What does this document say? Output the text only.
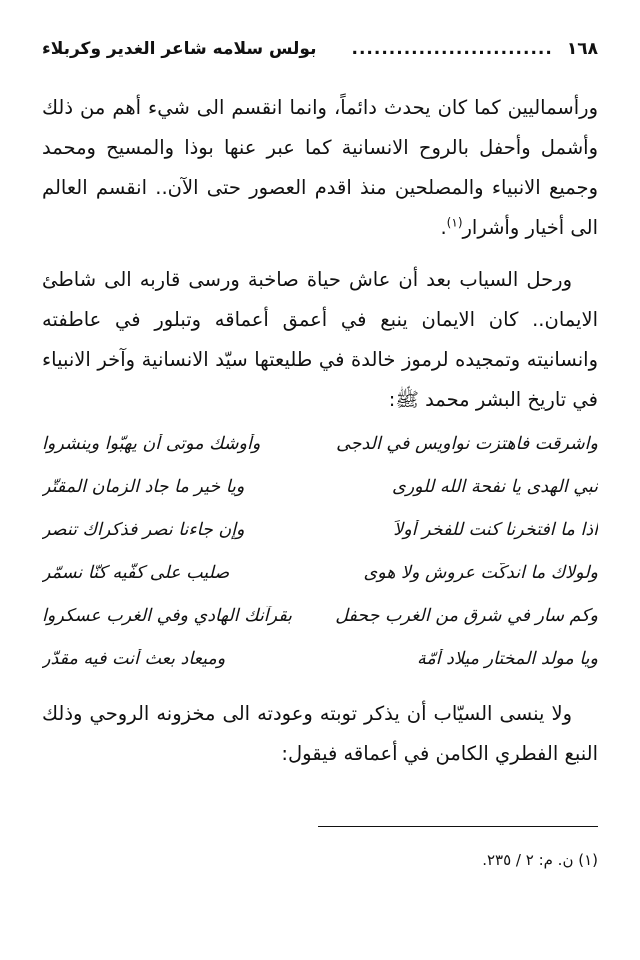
١٦٨
...........................
بولس سلامه شاعر الغدير وكربلاء

ورأسماليين كما كان يحدث دائماً، وانما انقسم الى شيء أهم من ذلك وأشمل وأحفل بالروح الانسانية كما عبر عنها بوذا والمسيح ومحمد وجميع الانبياء والمصلحين منذ اقدم العصور حتى الآن.. انقسم العالم الى أخيار وأشرار$^{(١)}$.

ورحل السياب بعد أن عاش حياة صاخبة ورسى قاربه الى شاطئ الايمان.. كان الايمان ينبع في أعمق أعماقه وتبلور في عاطفته وانسانيته وتمجيده لرموز خالدة في طليعتها سيّد الانسانية وآخر الانبياء في تاريخ البشر محمد ﷺ:

واشرقت فاهتزت نواويس في الدجى
وأوشك موتى أن يهبّوا وينشروا
نبي الهدى يا نفحة الله للورى
ويا خير ما جاد الزمان المقتّر
اذا ما افتخرنا كنت للفخر أولاً
وإن جاءنا نصر فذكراك تنصر
ولولاك ما اندكّت عروش ولا هوى
صليب على كفّيه كنّا نسمّر
وكم سار في شرق من الغرب جحفل
بقرآنك الهادي وفي الغرب عسكروا
ويا مولد المختار ميلاد أمّة
وميعاد بعث أنت فيه مقدّر

ولا ينسى السيّاب أن يذكر توبته وعودته الى مخزونه الروحي وذلك النبع الفطري الكامن في أعماقه فيقول:

(١) ن. م: ٢ / ٢٣٥.
